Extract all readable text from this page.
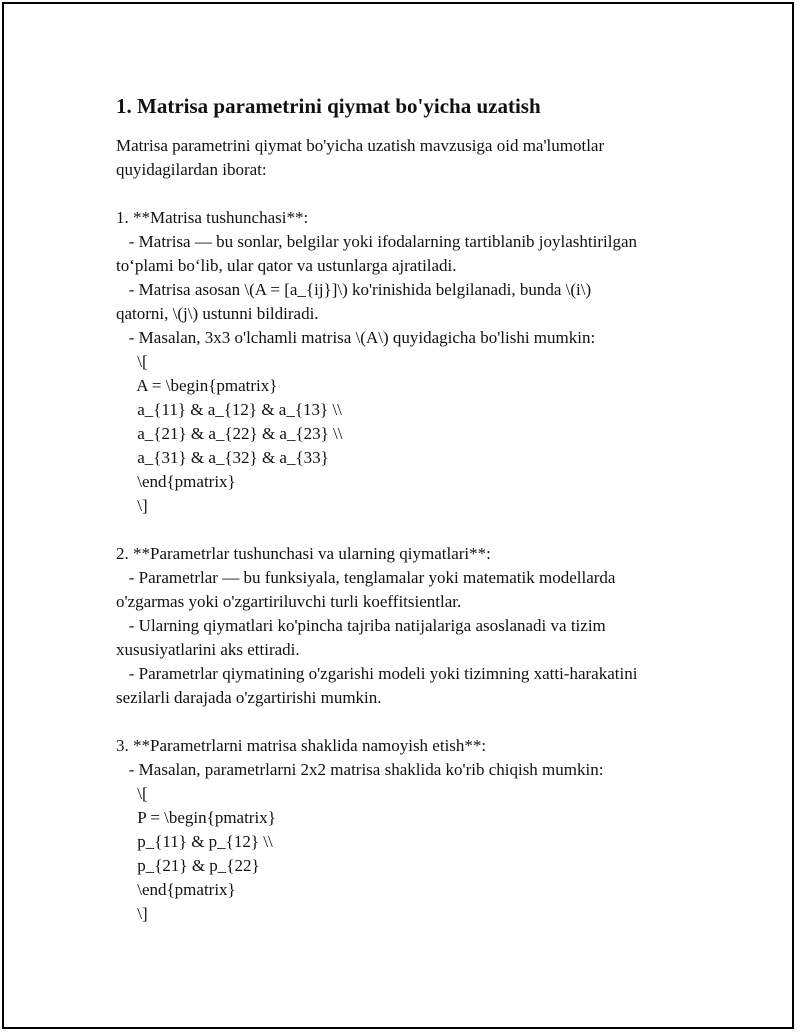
1. Matrisa parametrini qiymat bo'yicha uzatish

Matrisa parametrini qiymat bo'yicha uzatish mavzusiga oid ma'lumotlar

quyidagilardan iborat:

1. **Matrisa tushunchasi**:

- Matrisa — bu sonlar, belgilar yoki ifodalarning tartiblanib joylashtirilgan

to‘plami bo‘lib, ular qator va ustunlarga ajratiladi.

- Matrisa asosan \(A = [a_{ij}]\) ko'rinishida belgilanadi, bunda \(i\)

qatorni, \(j\) ustunni bildiradi.

- Masalan, 3x3 o'lchamli matrisa \(A\) quyidagicha bo'lishi mumkin:

\[

A = \begin{pmatrix}

a_{11} & a_{12} & a_{13} \\

a_{21} & a_{22} & a_{23} \\

a_{31} & a_{32} & a_{33}

\end{pmatrix}

\]

2. **Parametrlar tushunchasi va ularning qiymatlari**:

- Parametrlar — bu funksiyala, tenglamalar yoki matematik modellarda

o'zgarmas yoki o'zgartiriluvchi turli koeffitsientlar.

- Ularning qiymatlari ko'pincha tajriba natijalariga asoslanadi va tizim

xususiyatlarini aks ettiradi.

- Parametrlar qiymatining o'zgarishi modeli yoki tizimning xatti-harakatini

sezilarli darajada o'zgartirishi mumkin.

3. **Parametrlarni matrisa shaklida namoyish etish**:

- Masalan, parametrlarni 2x2 matrisa shaklida ko'rib chiqish mumkin:

\[

P = \begin{pmatrix}

p_{11} & p_{12} \\

p_{21} & p_{22}

\end{pmatrix}

\]
